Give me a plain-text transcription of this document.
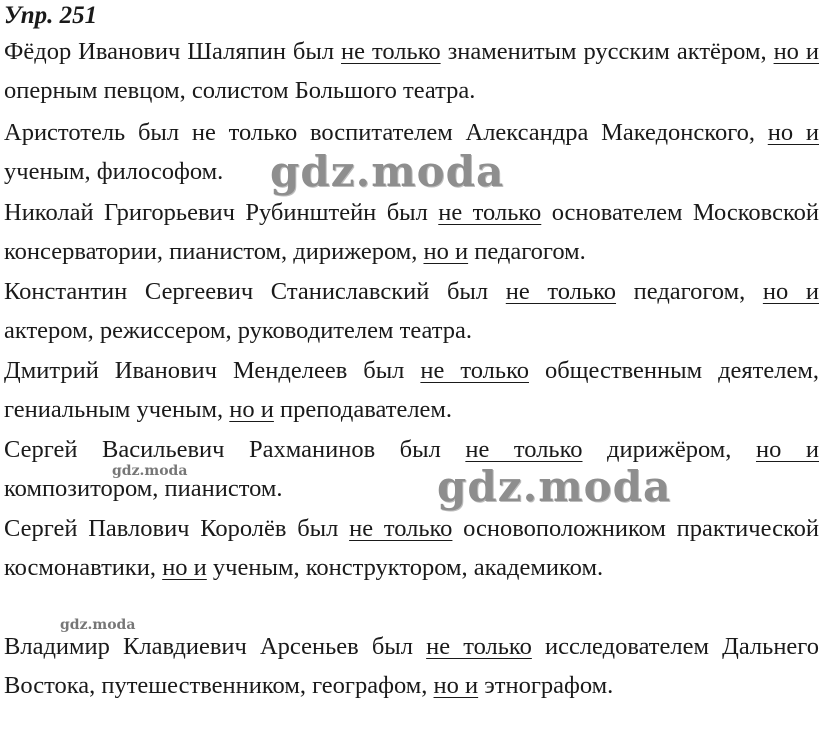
Упр. 251

Фёдор Иванович Шаляпин был не только знаменитым русским актёром, но и оперным певцом, солистом Большого театра.

Аристотель был не только воспитателем Александра Македонского, но и ученым, философом.

Николай Григорьевич Рубинштейн был не только основателем Московской консерватории, пианистом, дирижером, но и педагогом.

Константин Сергеевич Станиславский был не только педагогом, но и актером, режиссером, руководителем театра.

Дмитрий Иванович Менделеев был не только общественным деятелем, гениальным ученым, но и преподавателем.

Сергей Васильевич Рахманинов был не только дирижёром, но и композитором, пианистом.

Сергей Павлович Королёв был не только основоположником практической космонавтики, но и ученым, конструктором, академиком.

Владимир Клавдиевич Арсеньев был не только исследователем Дальнего Востока, путешественником, географом, но и этнографом.

gdz.moda
gdz.moda
gdz.moda
gdz.moda
